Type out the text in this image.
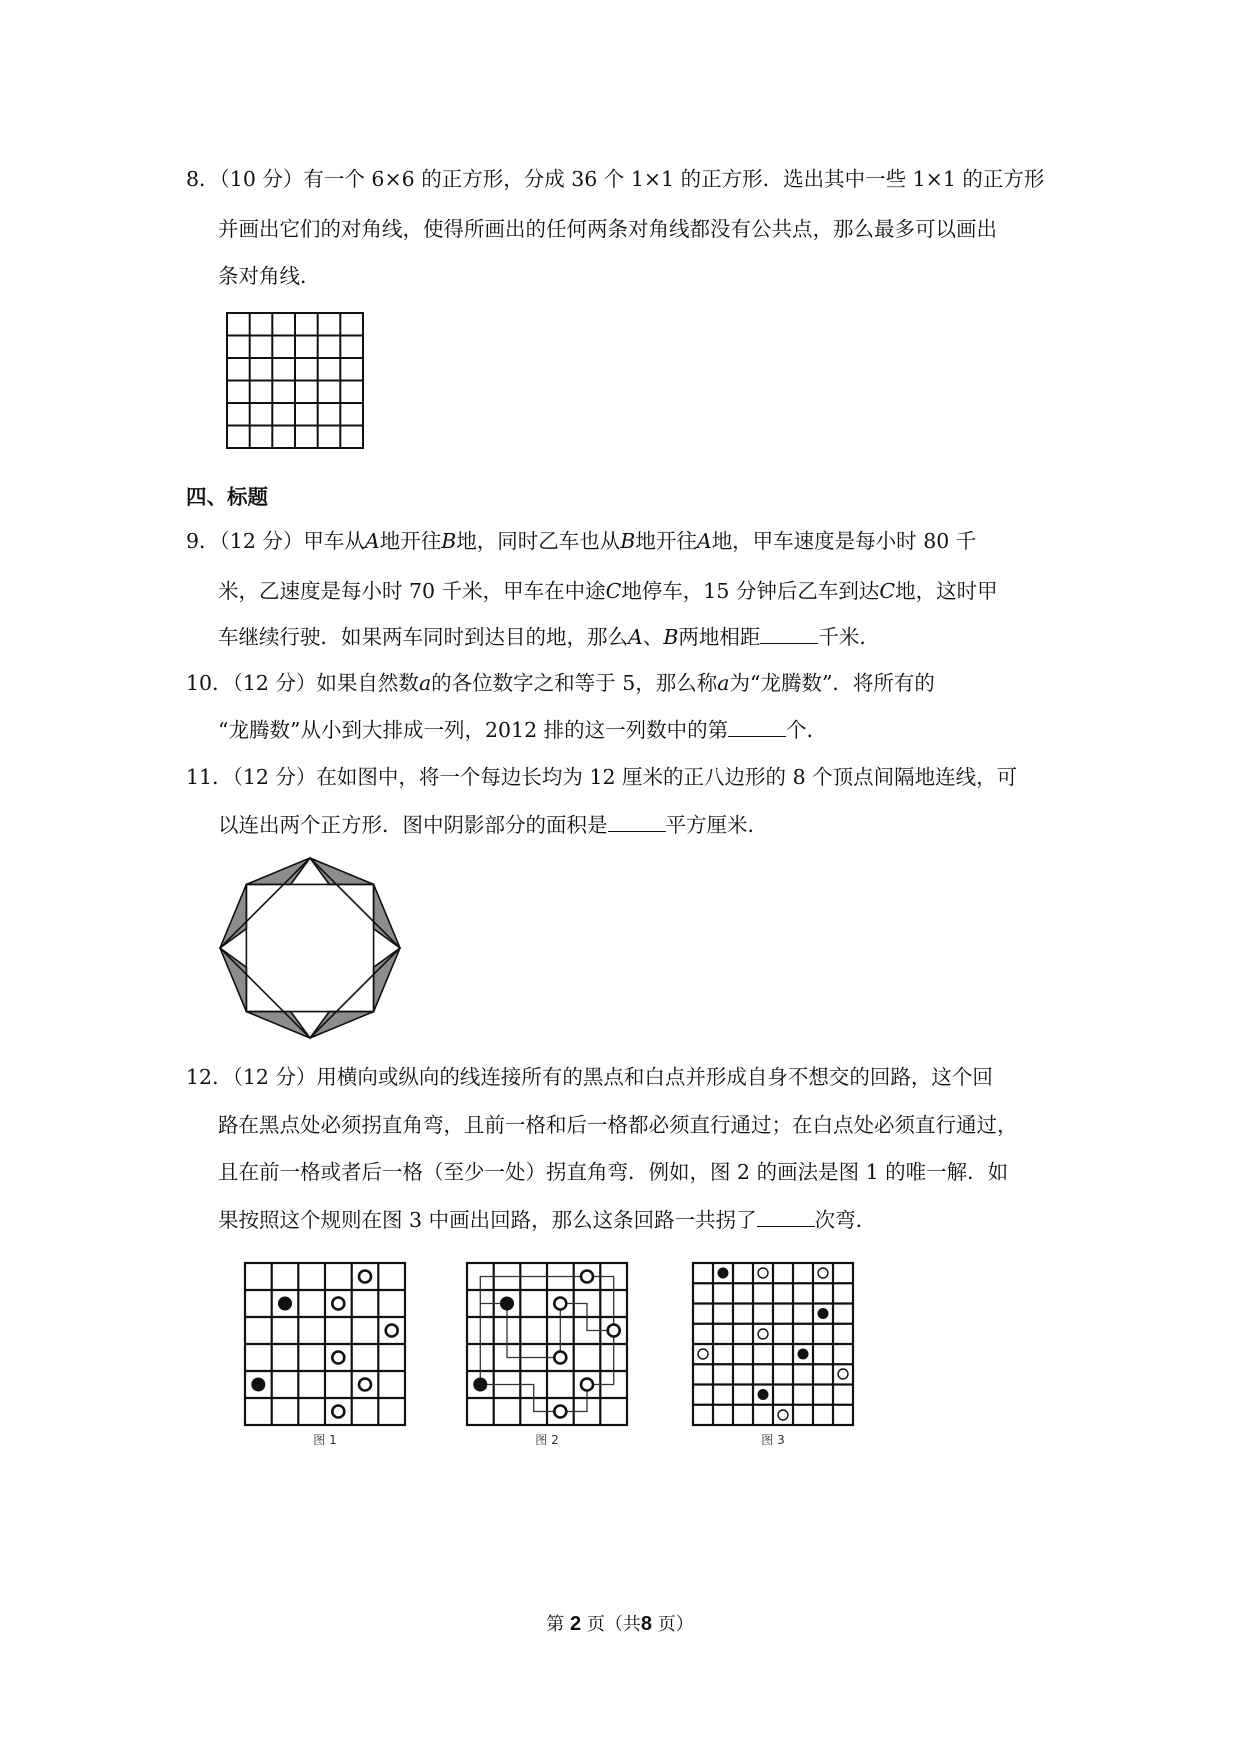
8．（10 分）有一个 6×6 的正方形，分成 36 个 1×1 的正方形．选出其中一些 1×1 的正方形
并画出它们的对角线，使得所画出的任何两条对角线都没有公共点，那么最多可以画出
条对角线．
四、标题
9．（12 分）甲车从A地开往B地，同时乙车也从B地开往A地，甲车速度是每小时 80 千
米，乙速度是每小时 70 千米，甲车在中途C地停车，15 分钟后乙车到达C地，这时甲
车继续行驶．如果两车同时到达目的地，那么A、B两地相距	千米．
10．（12 分）如果自然数a的各位数字之和等于 5，那么称a为“龙腾数”．将所有的
“龙腾数”从小到大排成一列，2012 排的这一列数中的第	个．
11．（12 分）在如图中，将一个每边长均为 12 厘米的正八边形的 8 个顶点间隔地连线，可
以连出两个正方形．图中阴影部分的面积是	平方厘米．
12．（12 分）用横向或纵向的线连接所有的黑点和白点并形成自身不想交的回路，这个回
路在黑点处必须拐直角弯，且前一格和后一格都必须直行通过；在白点处必须直行通过，
且在前一格或者后一格（至少一处）拐直角弯．例如，图 2 的画法是图 1 的唯一解．如
果按照这个规则在图 3 中画出回路，那么这条回路一共拐了	次弯．
图 1	图 2	图 3
第 2 页（共8 页）
